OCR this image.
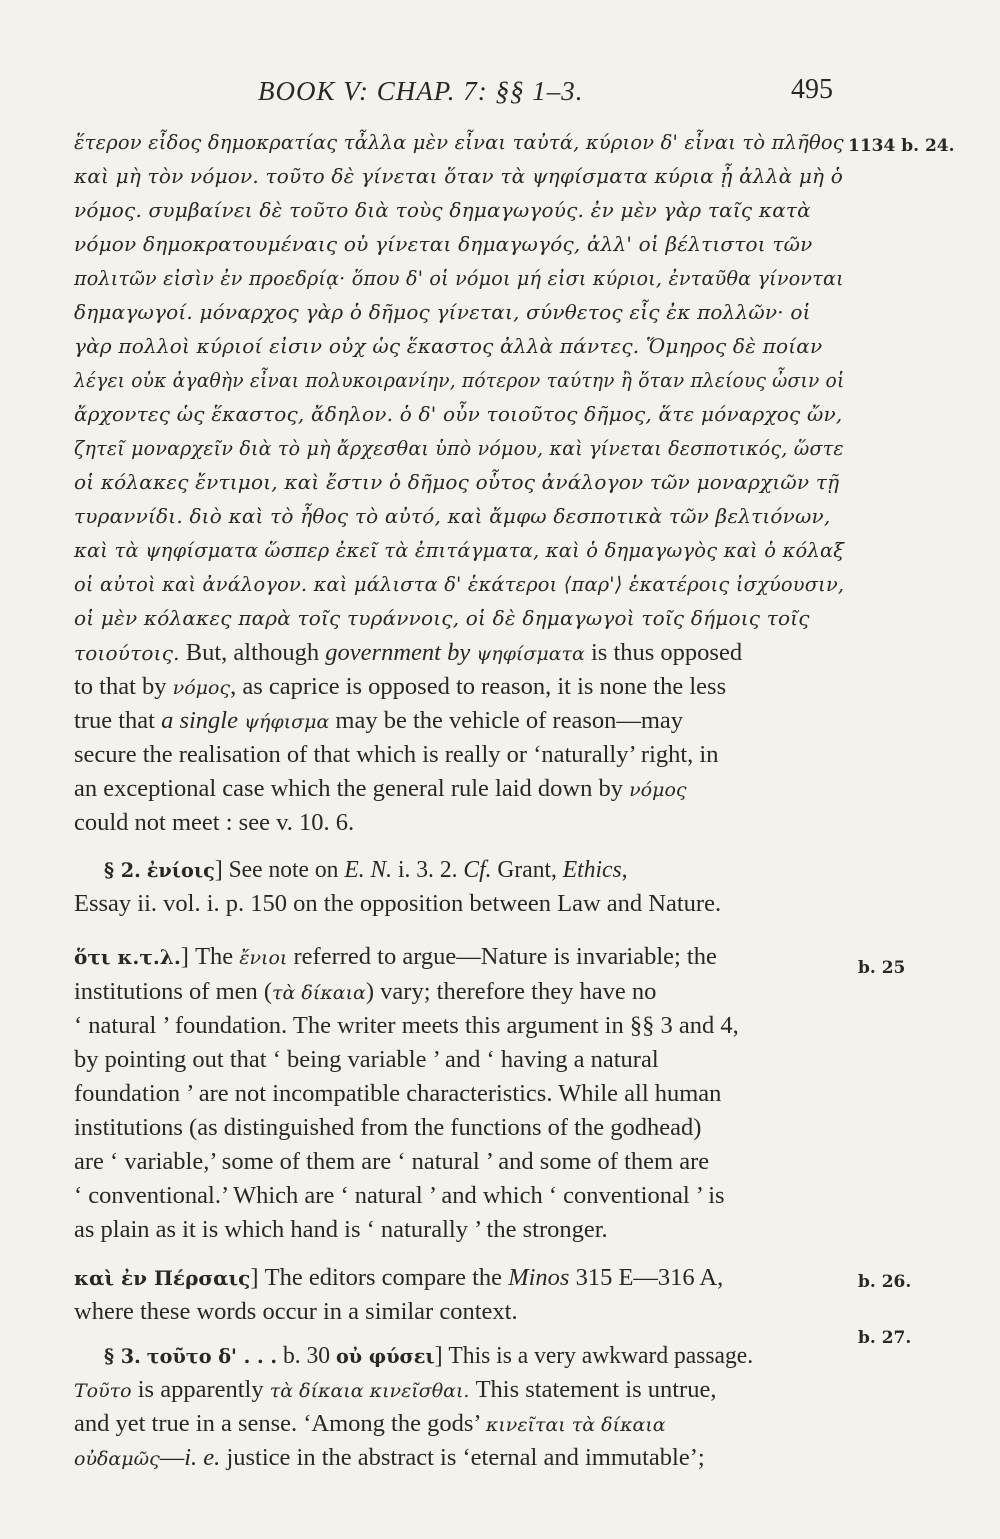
BOOK V: CHAP. 7: §§ 1–3.	495
ἕτερον εἶδος δημοκρατίας τἆλλα μὲν εἶναι ταὐτά, κύριον δ' εἶναι τὸ πλῆθος
καὶ μὴ τὸν νόμον. τοῦτο δὲ γίνεται ὅταν τὰ ψηφίσματα κύρια ᾖ ἀλλὰ μὴ ὁ
νόμος. συμβαίνει δὲ τοῦτο διὰ τοὺς δημαγωγούς. ἐν μὲν γὰρ ταῖς κατὰ
νόμον δημοκρατουμέναις οὐ γίνεται δημαγωγός, ἀλλ' οἱ βέλτιστοι τῶν
πολιτῶν εἰσὶν ἐν προεδρίᾳ· ὅπου δ' οἱ νόμοι μή εἰσι κύριοι, ἐνταῦθα γίνονται
δημαγωγοί. μόναρχος γὰρ ὁ δῆμος γίνεται, σύνθετος εἷς ἐκ πολλῶν· οἱ
γὰρ πολλοὶ κύριοί εἰσιν οὐχ ὡς ἕκαστος ἀλλὰ πάντες. Ὅμηρος δὲ ποίαν
λέγει οὐκ ἀγαθὴν εἶναι πολυκοιρανίην, πότερον ταύτην ἢ ὅταν πλείους ὦσιν οἱ
ἄρχοντες ὡς ἕκαστος, ἄδηλον. ὁ δ' οὖν τοιοῦτος δῆμος, ἅτε μόναρχος ὤν,
ζητεῖ μοναρχεῖν διὰ τὸ μὴ ἄρχεσθαι ὑπὸ νόμου, καὶ γίνεται δεσποτικός, ὥστε
οἱ κόλακες ἔντιμοι, καὶ ἔστιν ὁ δῆμος οὗτος ἀνάλογον τῶν μοναρχιῶν τῇ
τυραννίδι. διὸ καὶ τὸ ἦθος τὸ αὐτό, καὶ ἄμφω δεσποτικὰ τῶν βελτιόνων,
καὶ τὰ ψηφίσματα ὥσπερ ἐκεῖ τὰ ἐπιτάγματα, καὶ ὁ δημαγωγὸς καὶ ὁ κόλαξ
οἱ αὐτοὶ καὶ ἀνάλογον. καὶ μάλιστα δ' ἑκάτεροι ⟨παρ'⟩ ἑκατέροις ἰσχύουσιν,
οἱ μὲν κόλακες παρὰ τοῖς τυράννοις, οἱ δὲ δημαγωγοὶ τοῖς δήμοις τοῖς
1134 b. 24.
b. 25
b. 26.
b. 27.
τοιούτοις. But, although government by ψηφίσματα is thus opposed
to that by νόμος, as caprice is opposed to reason, it is none the less
true that a single ψήφισμα may be the vehicle of reason—may
secure the realisation of that which is really or ‘naturally’ right, in
an exceptional case which the general rule laid down by νόμος
could not meet : see v. 10. 6.
§ 2. ἐνίοις] See note on E. N. i. 3. 2. Cf. Grant, Ethics,
Essay ii. vol. i. p. 150 on the opposition between Law and Nature.
ὅτι κ.τ.λ.] The ἔνιοι referred to argue—Nature is invariable; the
institutions of men (τὰ δίκαια) vary; therefore they have no
‘ natural ’ foundation. The writer meets this argument in §§ 3 and 4,
by pointing out that ‘ being variable ’ and ‘ having a natural
foundation ’ are not incompatible characteristics. While all human
institutions (as distinguished from the functions of the godhead)
are ‘ variable,’ some of them are ‘ natural ’ and some of them are
‘ conventional.’ Which are ‘ natural ’ and which ‘ conventional ’ is
as plain as it is which hand is ‘ naturally ’ the stronger.
καὶ ἐν Πέρσαις] The editors compare the Minos 315 E—316 A,
where these words occur in a similar context.
§ 3. τοῦτο δ' . . . b. 30 οὐ φύσει] This is a very awkward passage.
Τοῦτο is apparently τὰ δίκαια κινεῖσθαι. This statement is untrue,
and yet true in a sense. ‘Among the gods’ κινεῖται τὰ δίκαια
οὐδαμῶς—i. e. justice in the abstract is ‘eternal and immutable’;
